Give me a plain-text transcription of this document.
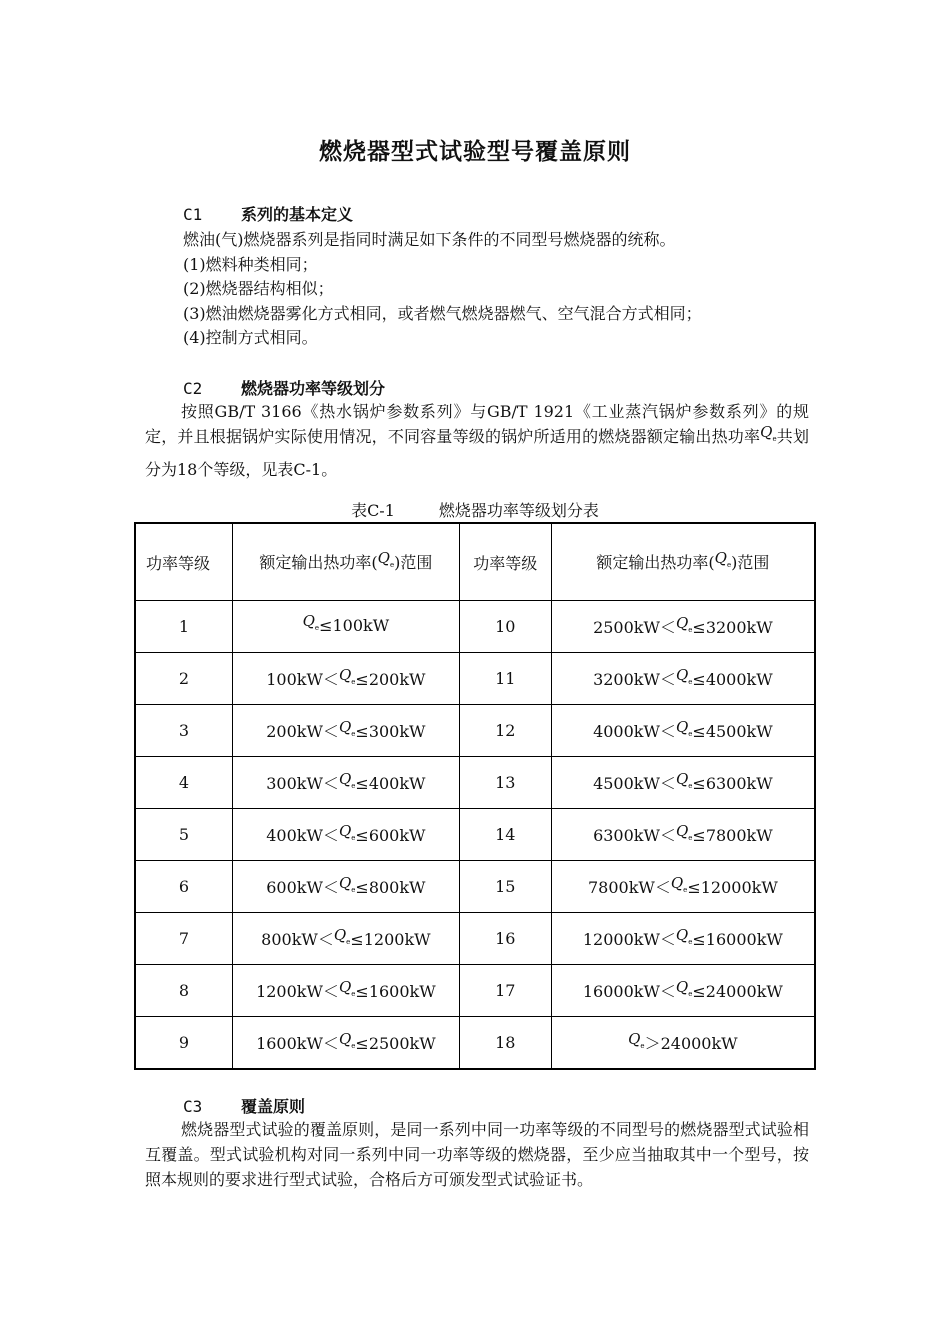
燃烧器型式试验型号覆盖原则
C1 系列的基本定义
燃油(气)燃烧器系列是指同时满足如下条件的不同型号燃烧器的统称。
(1)燃料种类相同；
(2)燃烧器结构相似；
(3)燃油燃烧器雾化方式相同，或者燃气燃烧器燃气、空气混合方式相同；
(4)控制方式相同。
C2 燃烧器功率等级划分
按照GB/T 3166《热水锅炉参数系列》与GB/T 1921《工业蒸汽锅炉参数系列》的规定，并且根据锅炉实际使用情况，不同容量等级的锅炉所适用的燃烧器额定输出热功率$Q_e$共划分为18个等级，见表C-1。
表C-1	燃烧器功率等级划分表
功率等级	额定输出热功率$(Q_e)$范围	功率等级	额定输出热功率$(Q_e)$范围
1	$Q_e\le 100kW$	10	$2500kW<Q_e\le 3200kW$
2	$100kW<Q_e\le 200kW$	11	$3200kW<Q_e\le 4000kW$
3	$200kW<Q_e\le 300kW$	12	$4000kW<Q_e\le 4500kW$
4	$300kW<Q_e\le 400kW$	13	$4500kW<Q_e\le 6300kW$
5	$400kW<Q_e\le 600kW$	14	$6300kW<Q_e\le 7800kW$
6	$600kW<Q_e\le 800kW$	15	$7800kW<Q_e\le 12000kW$
7	$800kW<Q_e\le 1200kW$	16	$12000kW<Q_e\le 16000kW$
8	$1200kW<Q_e\le 1600kW$	17	$16000kW<Q_e\le 24000kW$
9	$1600kW<Q_e\le 2500kW$	18	$Q_e>24000kW$
C3 覆盖原则
燃烧器型式试验的覆盖原则，是同一系列中同一功率等级的不同型号的燃烧器型式试验相互覆盖。型式试验机构对同一系列中同一功率等级的燃烧器，至少应当抽取其中一个型号，按照本规则的要求进行型式试验，合格后方可颁发型式试验证书。
